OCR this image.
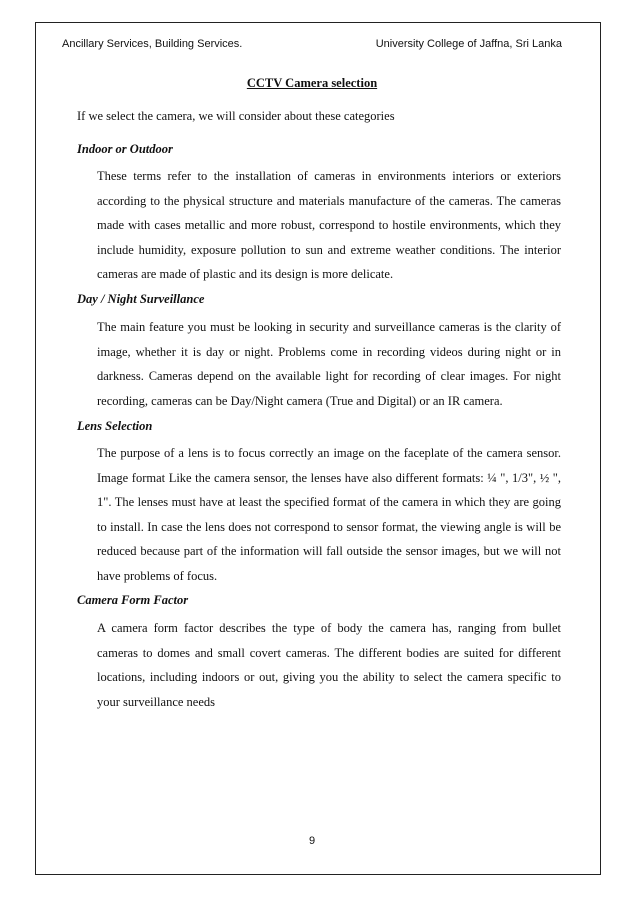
Ancillary Services, Building Services.	University College of Jaffna, Sri Lanka
CCTV Camera selection
If we select the camera, we will consider about these categories
Indoor or Outdoor
These terms refer to the installation of cameras in environments interiors or exteriors according to the physical structure and materials manufacture of the cameras. The cameras made with cases metallic and more robust, correspond to hostile environments, which they include humidity, exposure pollution to sun and extreme weather conditions. The interior cameras are made of plastic and its design is more delicate.
Day / Night Surveillance
The main feature you must be looking in security and surveillance cameras is the clarity of image, whether it is day or night. Problems come in recording videos during night or in darkness. Cameras depend on the available light for recording of clear images. For night recording, cameras can be Day/Night camera (True and Digital) or an IR camera.
Lens Selection
The purpose of a lens is to focus correctly an image on the faceplate of the camera sensor. Image format Like the camera sensor, the lenses have also different formats: ¼ ", 1/3", ½ ", 1". The lenses must have at least the specified format of the camera in which they are going to install. In case the lens does not correspond to sensor format, the viewing angle is will be reduced because part of the information will fall outside the sensor images, but we will not have problems of focus.
Camera Form Factor
A camera form factor describes the type of body the camera has, ranging from bullet cameras to domes and small covert cameras. The different bodies are suited for different locations, including indoors or out, giving you the ability to select the camera specific to your surveillance needs
9
